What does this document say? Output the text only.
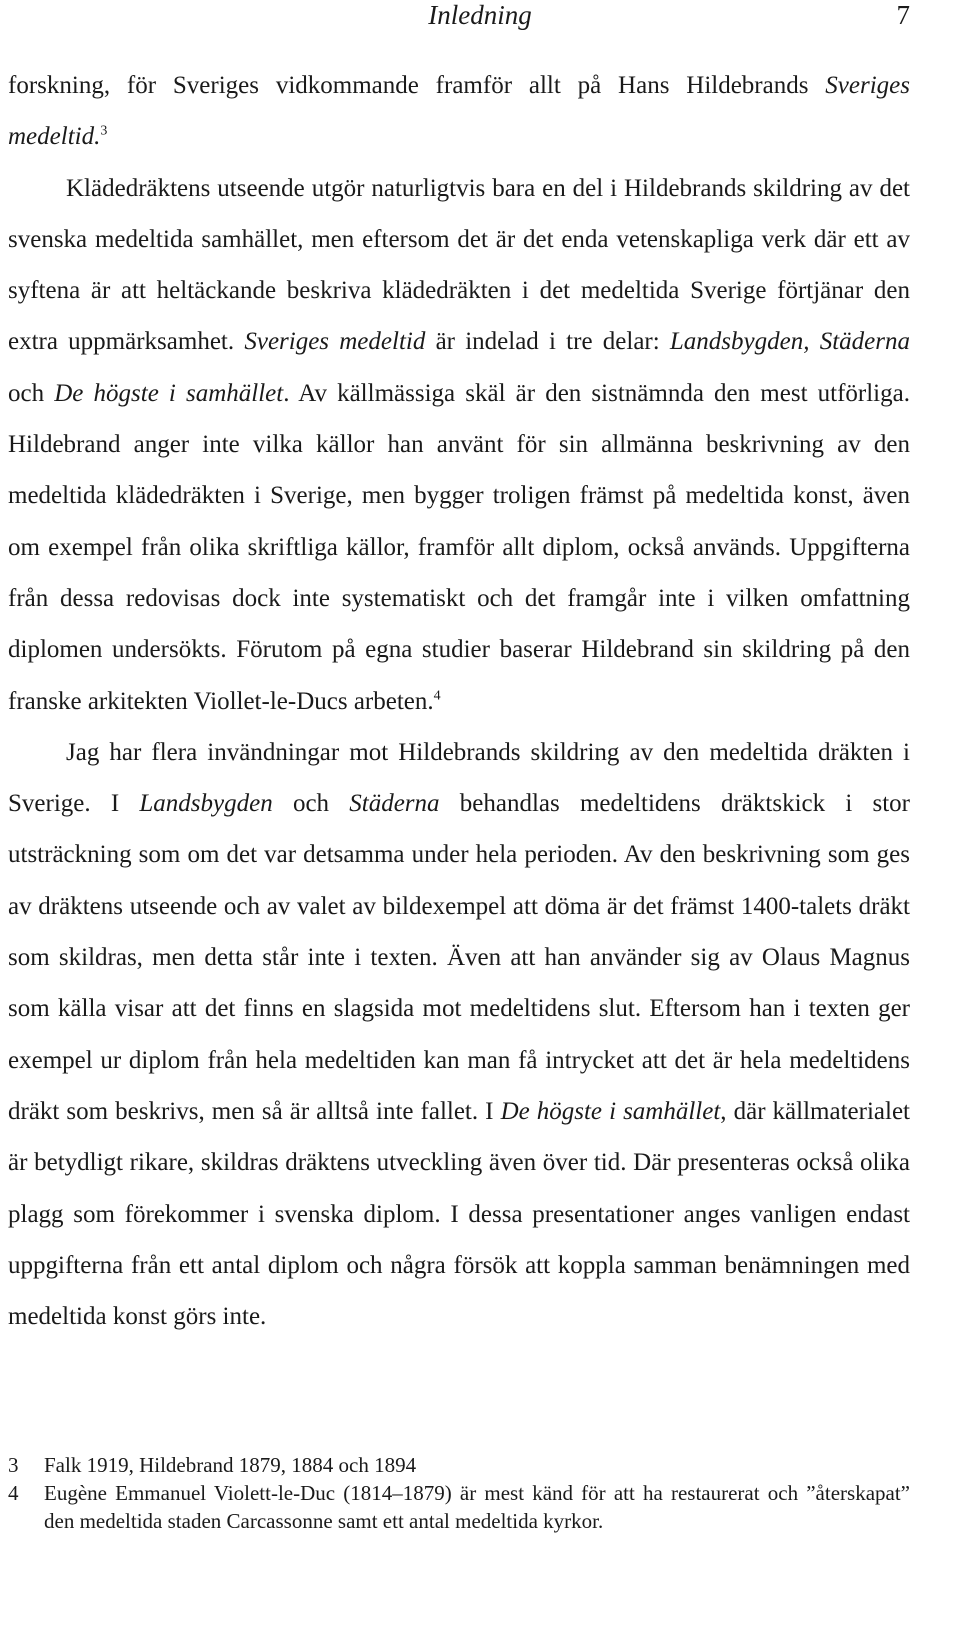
Inledning	7

forskning, för Sveriges vidkommande framför allt på Hans Hildebrands Sveriges medeltid.$^3$

Klädedräktens utseende utgör naturligtvis bara en del i Hildebrands skildring av det svenska medeltida samhället, men eftersom det är det enda vetenskapliga verk där ett av syftena är att heltäckande beskriva klädedräkten i det medeltida Sverige förtjänar den extra uppmärksamhet. Sveriges medeltid är indelad i tre delar: Landsbygden, Städerna och De högste i samhället. Av källmässiga skäl är den sistnämnda den mest utförliga. Hildebrand anger inte vilka källor han använt för sin allmänna beskrivning av den medeltida klädedräkten i Sverige, men bygger troligen främst på medeltida konst, även om exempel från olika skriftliga källor, framför allt diplom, också används. Uppgifterna från dessa redovisas dock inte systematiskt och det framgår inte i vilken omfattning diplomen undersökts. Förutom på egna studier baserar Hildebrand sin skildring på den franske arkitekten Viollet-le-Ducs arbeten.$^4$

Jag har flera invändningar mot Hildebrands skildring av den medeltida dräkten i Sverige. I Landsbygden och Städerna behandlas medeltidens dräktskick i stor utsträckning som om det var detsamma under hela perioden. Av den beskrivning som ges av dräktens utseende och av valet av bildexempel att döma är det främst 1400-talets dräkt som skildras, men detta står inte i texten. Även att han använder sig av Olaus Magnus som källa visar att det finns en slagsida mot medeltidens slut. Eftersom han i texten ger exempel ur diplom från hela medeltiden kan man få intrycket att det är hela medeltidens dräkt som beskrivs, men så är alltså inte fallet. I De högste i samhället, där källmaterialet är betydligt rikare, skildras dräktens utveckling även över tid. Där presenteras också olika plagg som förekommer i svenska diplom. I dessa presentationer anges vanligen endast uppgifterna från ett antal diplom och några försök att koppla samman benämningen med medeltida konst görs inte.

3	Falk 1919, Hildebrand 1879, 1884 och 1894
4	Eugène Emmanuel Violett-le-Duc (1814–1879) är mest känd för att ha restaurerat och ”återskapat” den medeltida staden Carcassonne samt ett antal medeltida kyrkor.
